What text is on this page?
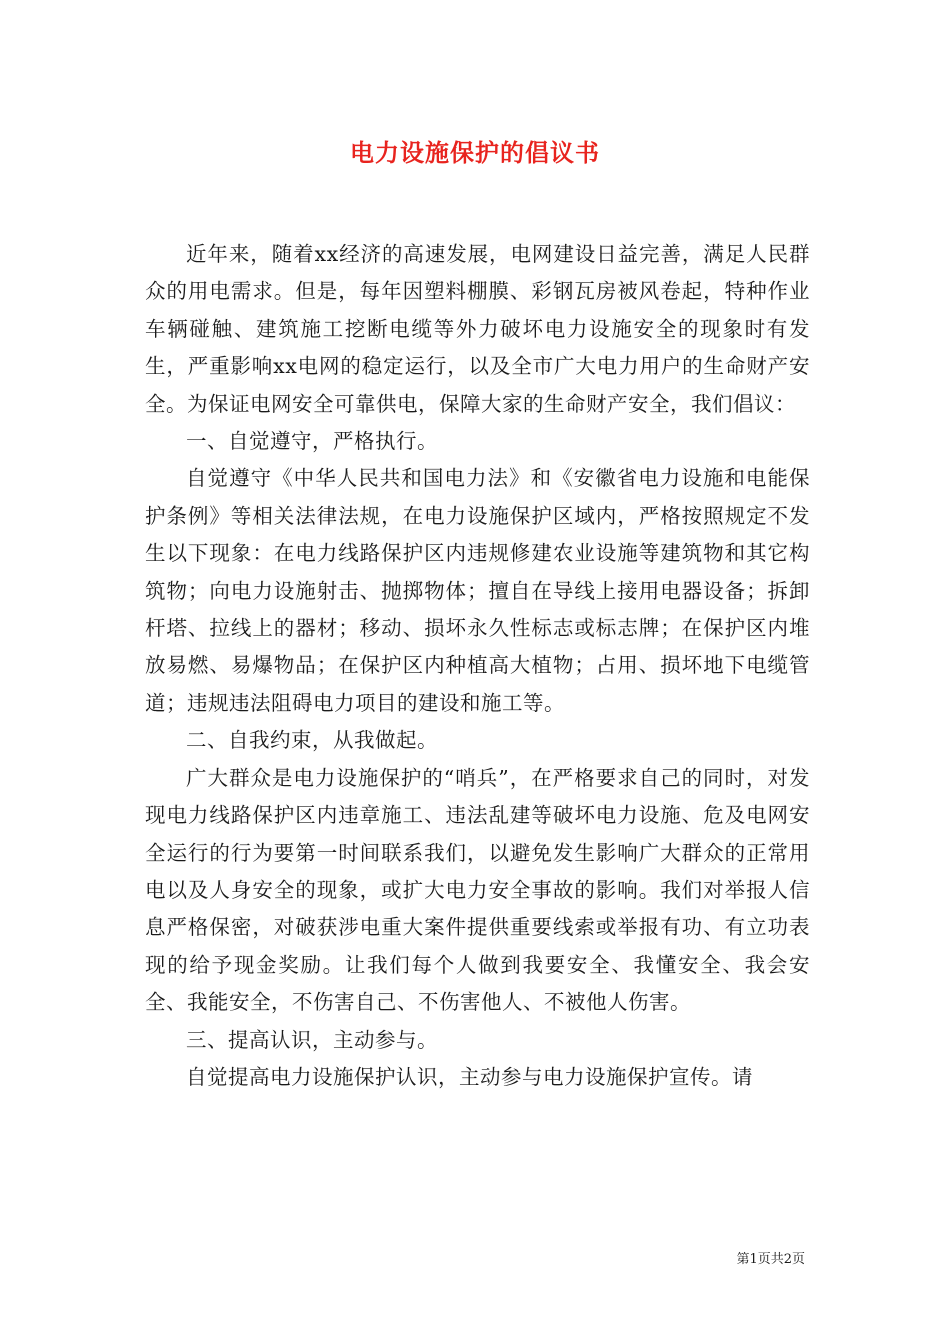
电力设施保护的倡议书

近年来，随着xx经济的高速发展，电网建设日益完善，满足人民群众的用电需求。但是，每年因塑料棚膜、彩钢瓦房被风卷起，特种作业车辆碰触、建筑施工挖断电缆等外力破坏电力设施安全的现象时有发生，严重影响xx电网的稳定运行，以及全市广大电力用户的生命财产安全。为保证电网安全可靠供电，保障大家的生命财产安全，我们倡议：

一、自觉遵守，严格执行。

自觉遵守《中华人民共和国电力法》和《安徽省电力设施和电能保护条例》等相关法律法规，在电力设施保护区域内，严格按照规定不发生以下现象：在电力线路保护区内违规修建农业设施等建筑物和其它构筑物；向电力设施射击、抛掷物体；擅自在导线上接用电器设备；拆卸杆塔、拉线上的器材；移动、损坏永久性标志或标志牌；在保护区内堆放易燃、易爆物品；在保护区内种植高大植物；占用、损坏地下电缆管道；违规违法阻碍电力项目的建设和施工等。

二、自我约束，从我做起。

广大群众是电力设施保护的“哨兵”，在严格要求自己的同时，对发现电力线路保护区内违章施工、违法乱建等破坏电力设施、危及电网安全运行的行为要第一时间联系我们，以避免发生影响广大群众的正常用电以及人身安全的现象，或扩大电力安全事故的影响。我们对举报人信息严格保密，对破获涉电重大案件提供重要线索或举报有功、有立功表现的给予现金奖励。让我们每个人做到我要安全、我懂安全、我会安全、我能安全，不伤害自己、不伤害他人、不被他人伤害。

三、提高认识，主动参与。

自觉提高电力设施保护认识，主动参与电力设施保护宣传。请

第1页共2页
